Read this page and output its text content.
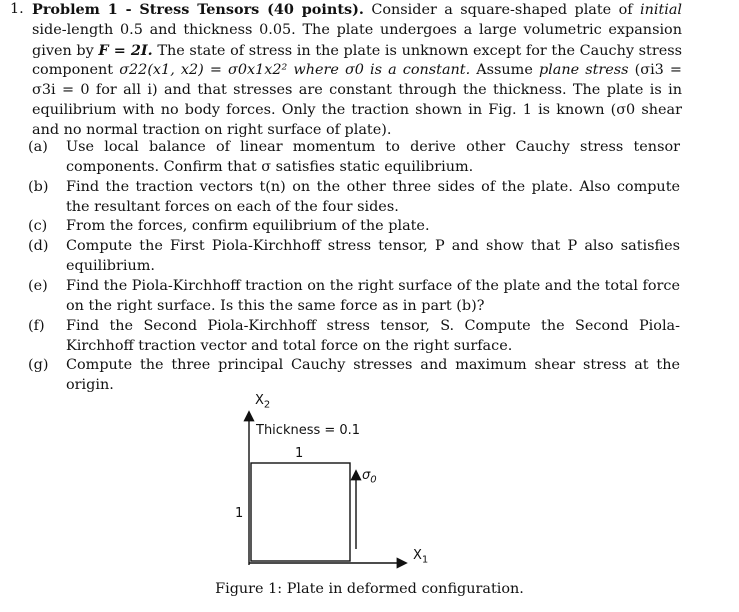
1. Problem 1 - Stress Tensors (40 points). Consider a square-shaped plate of initial side-length 0.5 and thickness 0.05. The plate undergoes a large volumetric expansion given by F = 2I. The state of stress in the plate is unknown except for the Cauchy stress component σ22(x1, x2) = σ0x1x2² where σ0 is a constant. Assume plane stress (σi3 = σ3i = 0 for all i) and that stresses are constant through the thickness. The plate is in equilibrium with no body forces. Only the traction shown in Fig. 1 is known (σ0 shear and no normal traction on right surface of plate).
(a) Use local balance of linear momentum to derive other Cauchy stress tensor components. Confirm that σ satisfies static equilibrium.
(b) Find the traction vectors t(n) on the other three sides of the plate. Also compute the resultant forces on each of the four sides.
(c) From the forces, confirm equilibrium of the plate.
(d) Compute the First Piola-Kirchhoff stress tensor, P and show that P also satisfies equilibrium.
(e) Find the Piola-Kirchhoff traction on the right surface of the plate and the total force on the right surface. Is this the same force as in part (b)?
(f) Find the Second Piola-Kirchhoff stress tensor, S. Compute the Second Piola-Kirchhoff traction vector and total force on the right surface.
(g) Compute the three principal Cauchy stresses and maximum shear stress at the origin.
$X_2$
Thickness = 0.1
1
1
$\sigma_0$
$X_1$
Figure 1: Plate in deformed configuration.
